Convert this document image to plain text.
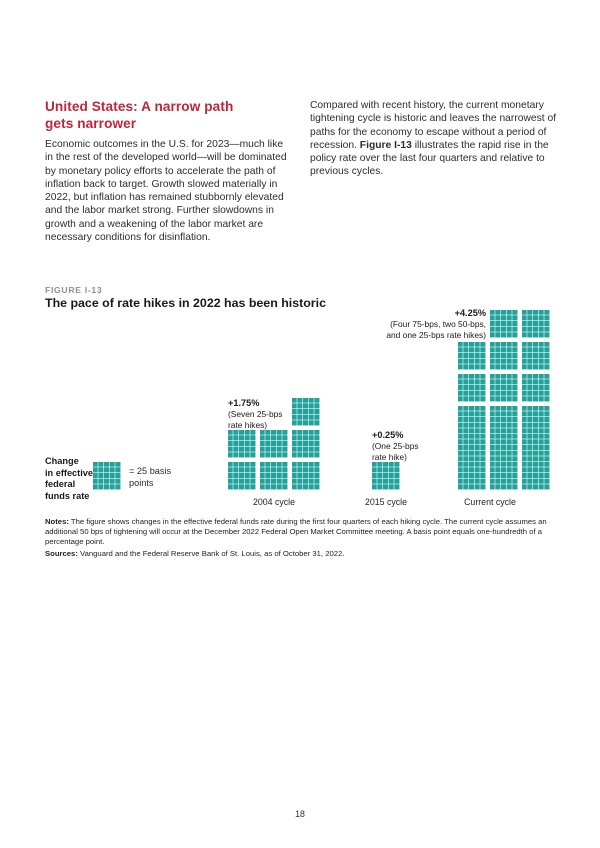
United States: A narrow path
gets narrower
Economic outcomes in the U.S. for 2023—much like in the rest of the developed world—will be dominated by monetary policy efforts to accelerate the path of inflation back to target. Growth slowed materially in 2022, but inflation has remained stubbornly elevated and the labor market strong. Further slowdowns in growth and a weakening of the labor market are necessary conditions for disinflation.
Compared with recent history, the current monetary tightening cycle is historic and leaves the narrowest of paths for the economy to escape without a period of recession. Figure I-13 illustrates the rapid rise in the policy rate over the last four quarters and relative to previous cycles.
FIGURE I-13
The pace of rate hikes in 2022 has been historic
Change
in effective
federal
funds rate
= 25 basis
points
+1.75%
(Seven 25-bps
rate hikes)
+0.25%
(One 25-bps
rate hike)
+4.25%
(Four 75-bps, two 50-bps,
and one 25-bps rate hikes)
2004 cycle	2015 cycle	Current cycle

Notes: The figure shows changes in the effective federal funds rate during the first four quarters of each hiking cycle. The current cycle assumes an additional 50 bps of tightening will occur at the December 2022 Federal Open Market Committee meeting. A basis point equals one-hundredth of a percentage point.

Sources: Vanguard and the Federal Reserve Bank of St. Louis, as of October 31, 2022.

18
